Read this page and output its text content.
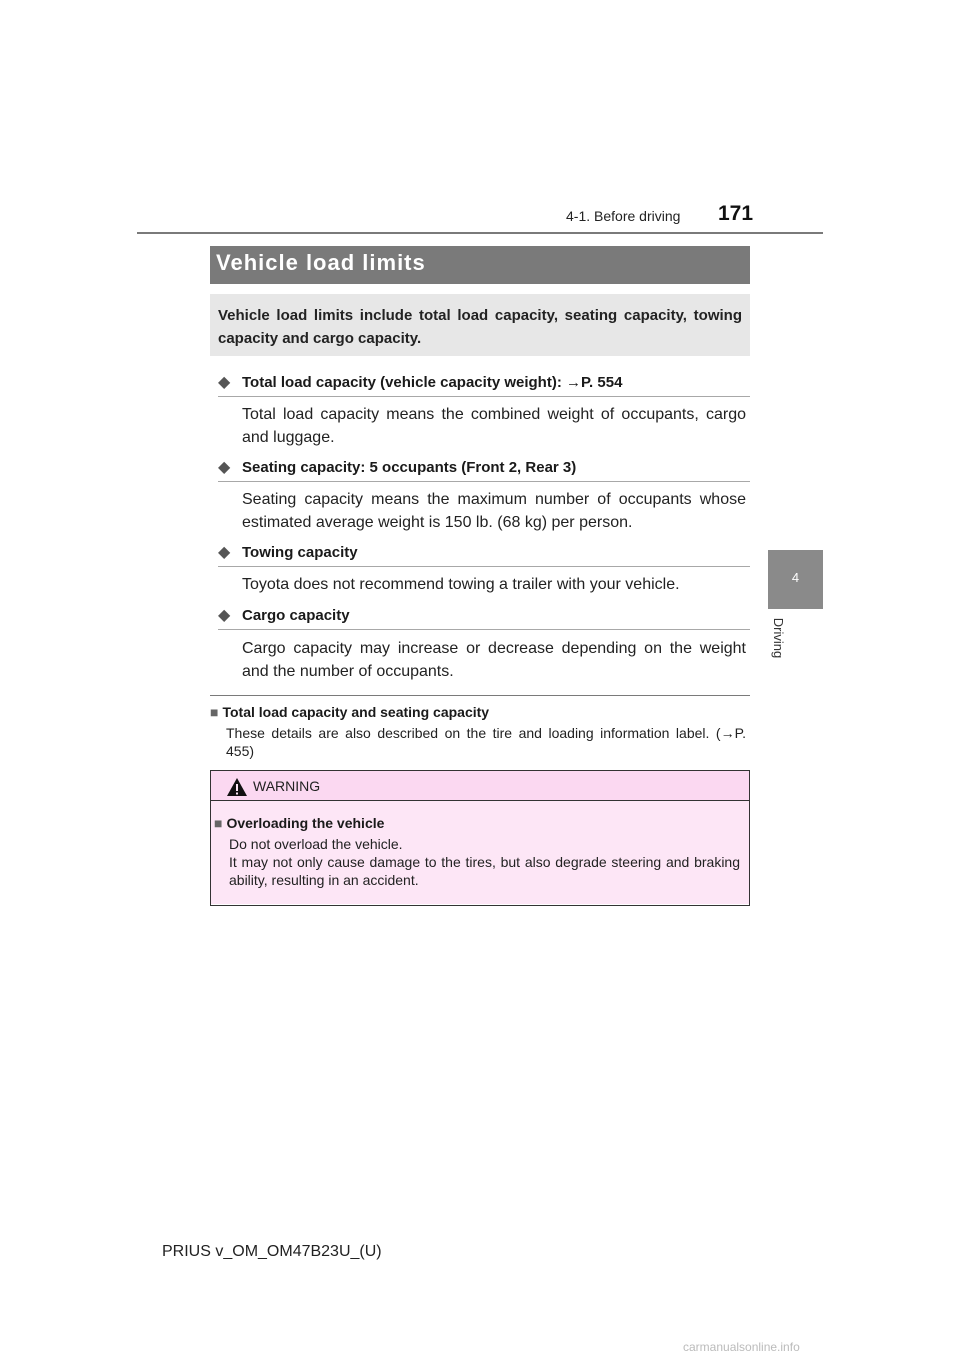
4-1. Before driving 171
4
Driving
Vehicle load limits
Vehicle load limits include total load capacity, seating capacity, towing capacity and cargo capacity.
◆ Total load capacity (vehicle capacity weight): →P. 554
Total load capacity means the combined weight of occupants, cargo and luggage.
◆ Seating capacity: 5 occupants (Front 2, Rear 3)
Seating capacity means the maximum number of occupants whose estimated average weight is 150 lb. (68 kg) per person.
◆ Towing capacity
Toyota does not recommend towing a trailer with your vehicle.
◆ Cargo capacity
Cargo capacity may increase or decrease depending on the weight and the number of occupants.
■ Total load capacity and seating capacity
These details are also described on the tire and loading information label. (→P. 455)
WARNING
■ Overloading the vehicle
Do not overload the vehicle.
It may not only cause damage to the tires, but also degrade steering and braking ability, resulting in an accident.
PRIUS v_OM_OM47B23U_(U)
carmanualsonline.info
